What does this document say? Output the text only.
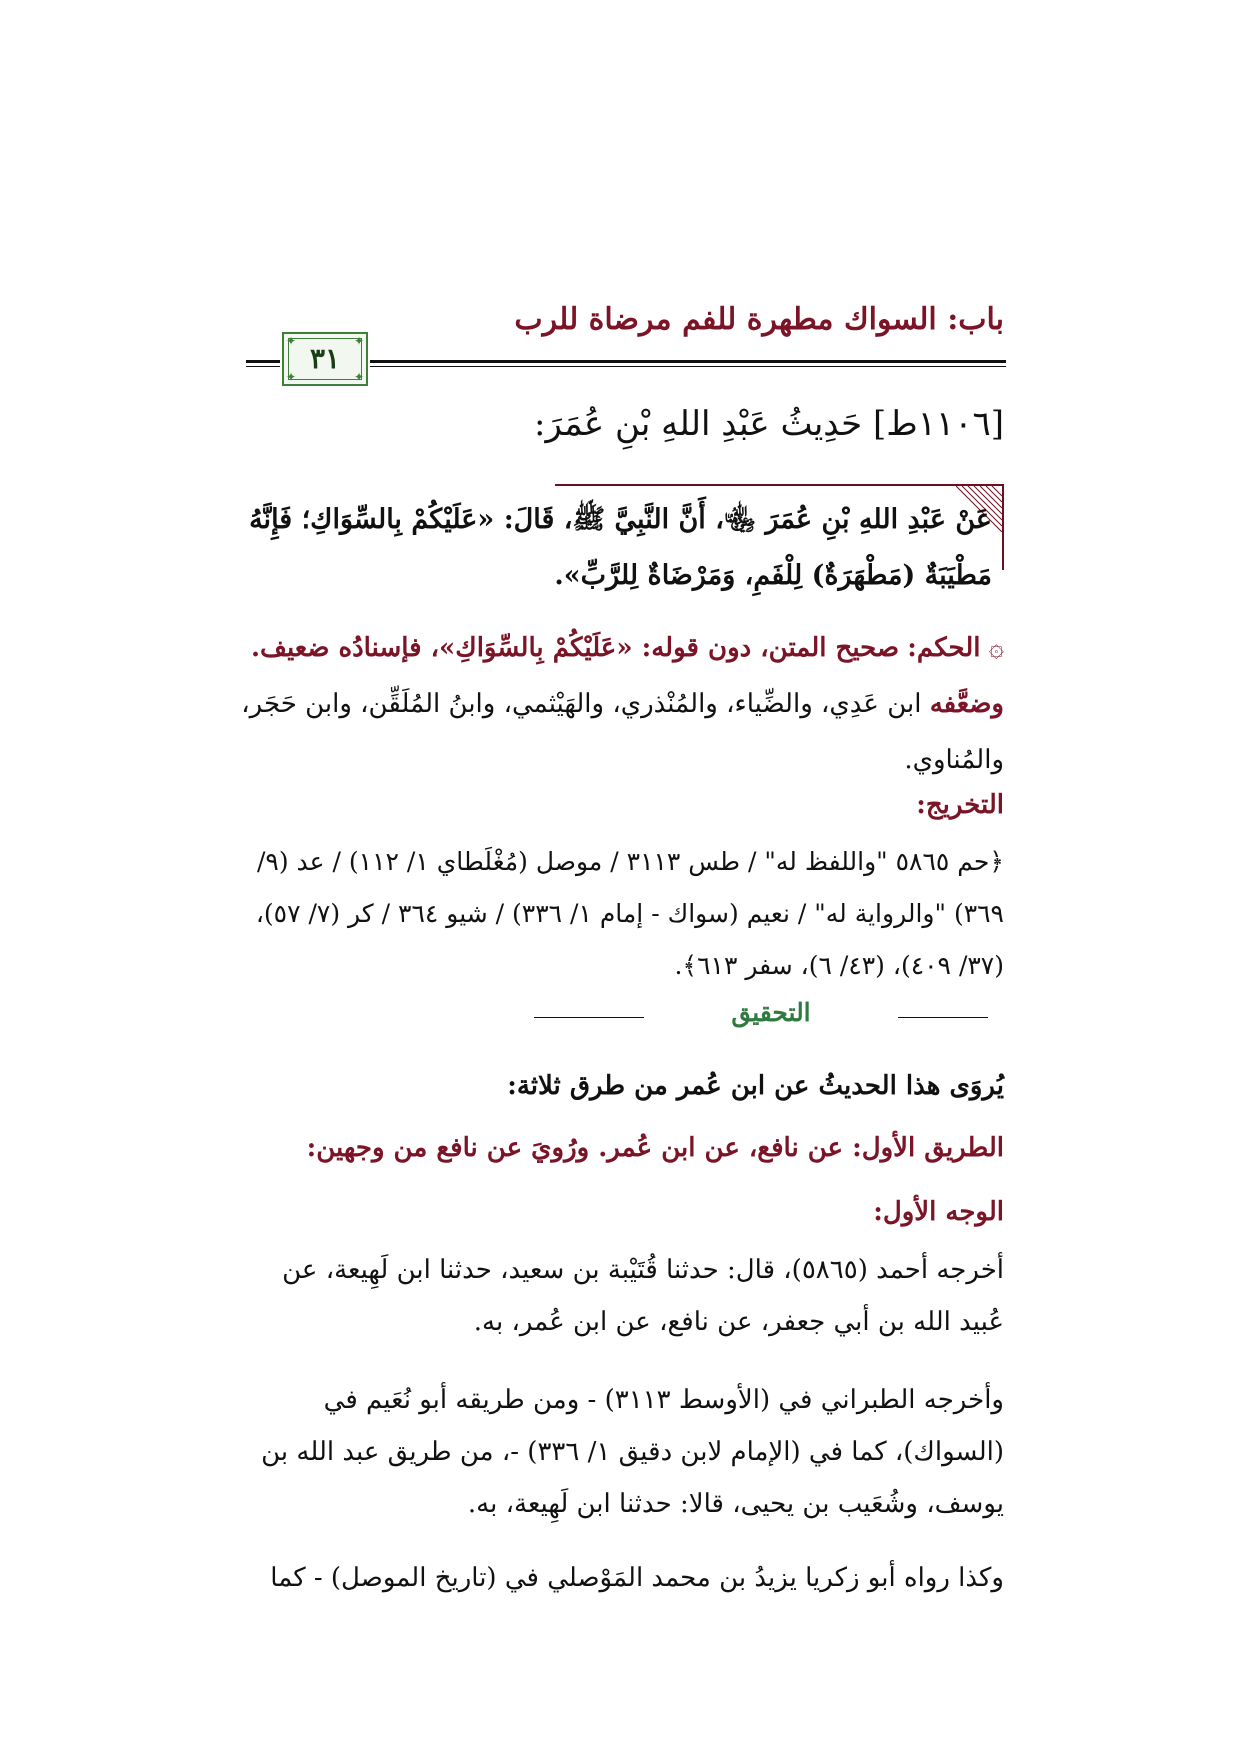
باب: السواك مطهرة للفم مرضاة للرب
✦	✦
✦	✦
٣١
[١١٠٦ط] حَدِيثُ عَبْدِ اللهِ بْنِ عُمَرَ:
عَنْ عَبْدِ اللهِ بْنِ عُمَرَ ﵄، أَنَّ النَّبِيَّ ﷺ، قَالَ: «عَلَيْكُمْ بِالسِّوَاكِ؛ فَإِنَّهُ مَطْيَبَةٌ (مَطْهَرَةٌ) لِلْفَمِ، وَمَرْضَاةٌ لِلرَّبِّ».
۞ الحكم: صحيح المتن، دون قوله: «عَلَيْكُمْ بِالسِّوَاكِ»، فإسنادُه ضعيف. وضعَّفه ابن عَدِي، والضِّياء، والمُنْذري، والهَيْثمي، وابنُ المُلَقِّن، وابن حَجَر، والمُناوي.
التخريج:
﴿حم ٥٨٦٥ "واللفظ له" / طس ٣١١٣ / موصل (مُغْلَطاي ١/ ١١٢) / عد (٩/ ٣٦٩) "والرواية له" / نعيم (سواك - إمام ١/ ٣٣٦) / شيو ٣٦٤ / كر (٧/ ٥٧)، (٣٧/ ٤٠٩)، (٤٣/ ٦)، سفر ٦١٣﴾.
التحقيق
يُروَى هذا الحديثُ عن ابن عُمر من طرق ثلاثة:
الطريق الأول: عن نافع، عن ابن عُمر. ورُويَ عن نافع من وجهين:
الوجه الأول:
أخرجه أحمد (٥٨٦٥)، قال: حدثنا قُتَيْبة بن سعيد، حدثنا ابن لَهِيعة، عن عُبيد الله بن أبي جعفر، عن نافع، عن ابن عُمر، به.
وأخرجه الطبراني في (الأوسط ٣١١٣) - ومن طريقه أبو نُعَيم في (السواك)، كما في (الإمام لابن دقيق ١/ ٣٣٦) -، من طريق عبد الله بن يوسف، وشُعَيب بن يحيى، قالا: حدثنا ابن لَهِيعة، به.
وكذا رواه أبو زكريا يزيدُ بن محمد المَوْصلي في (تاريخ الموصل) - كما
